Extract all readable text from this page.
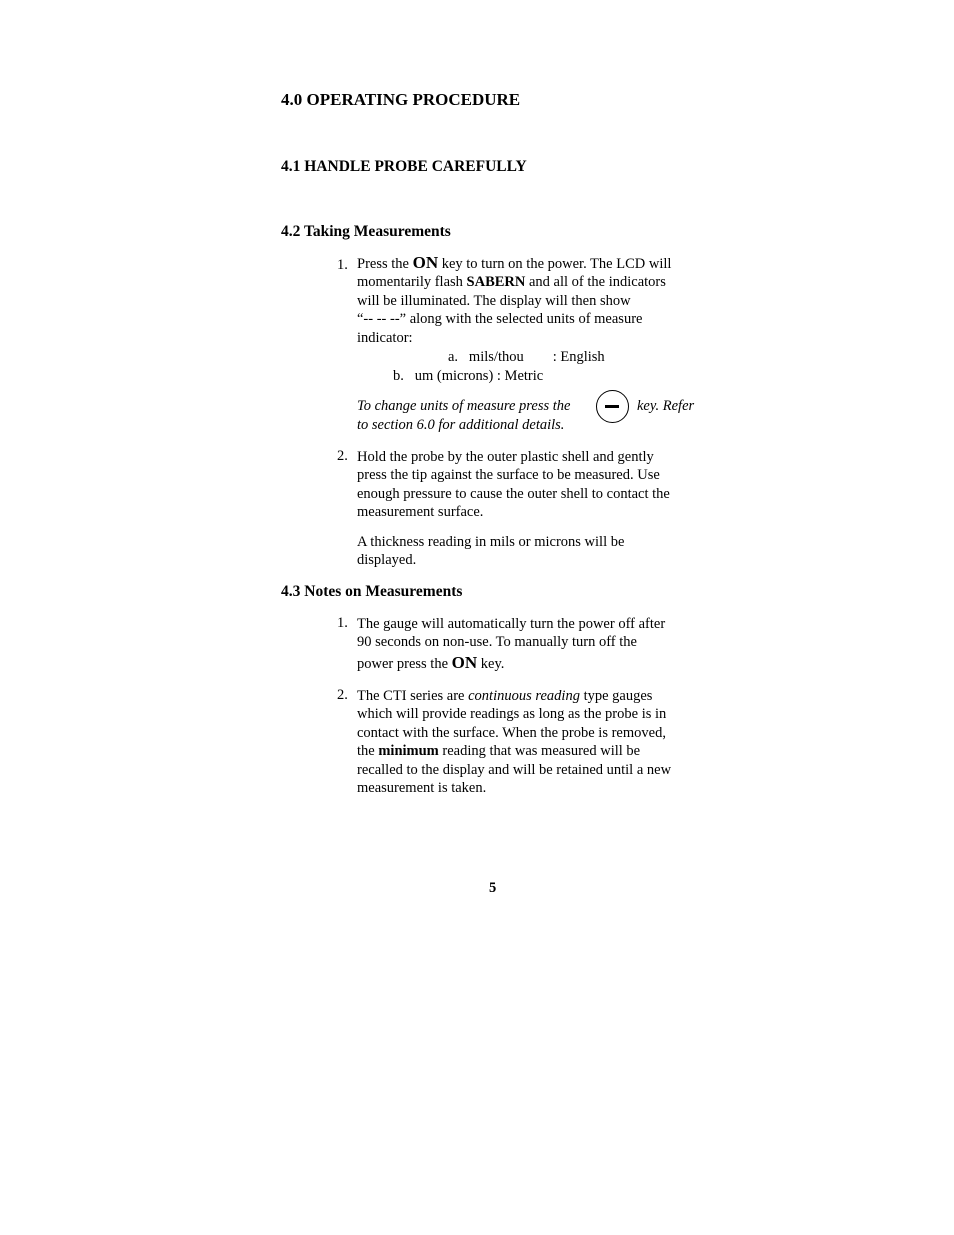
4.0 OPERATING PROCEDURE
4.1 HANDLE PROBE CAREFULLY
4.2 Taking Measurements
1. Press the ON key to turn on the power. The LCD will
momentarily flash SABERN and all of the indicators
will be illuminated. The display will then show
“-- -- --” along with the selected units of measure
indicator:
a.   mils/thou        : English
b.   um (microns) : Metric
To change units of measure press the	key. Refer
to section 6.0 for additional details.
2. Hold the probe by the outer plastic shell and gently
press the tip against the surface to be measured. Use
enough pressure to cause the outer shell to contact the
measurement surface.
A thickness reading in mils or microns will be
displayed.
4.3 Notes on Measurements
1. The gauge will automatically turn the power off after
90 seconds on non-use. To manually turn off the
power press the ON key.
2. The CTI series are continuous reading type gauges
which will provide readings as long as the probe is in
contact with the surface. When the probe is removed,
the minimum reading that was measured will be
recalled to the display and will be retained until a new
measurement is taken.
5
